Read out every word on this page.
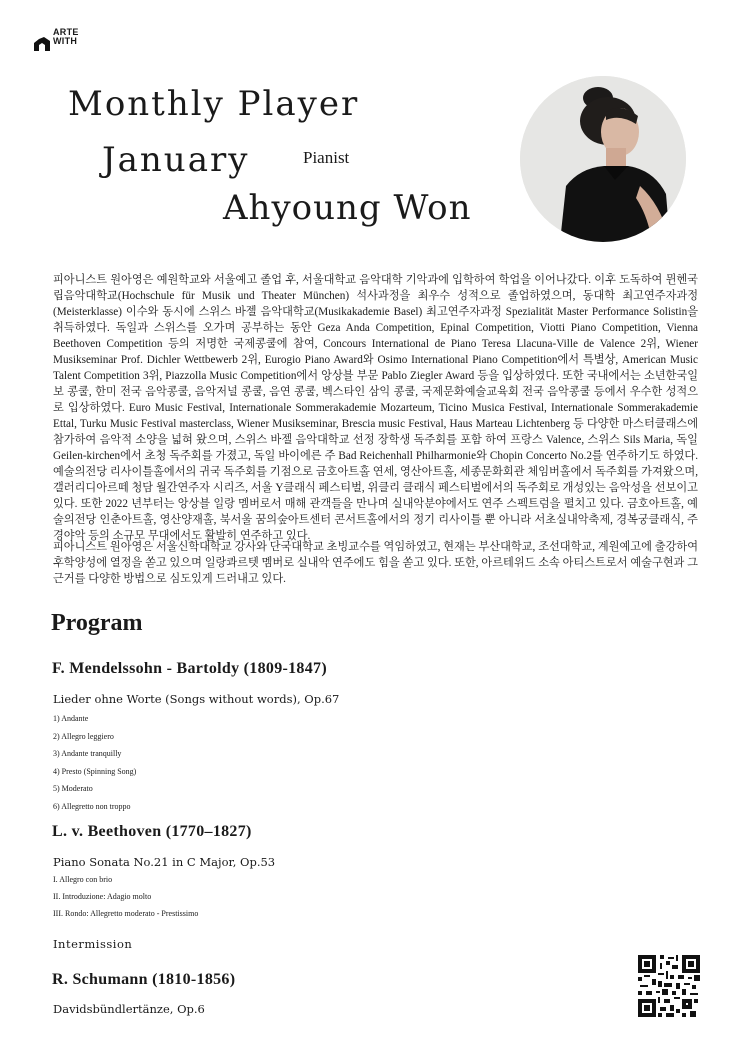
ARTE
WITH
Monthly Player
January	Pianist
Ahyoung Won

피아니스트 원아영은 예원학교와 서울예고 졸업 후, 서울대학교 음악대학 기악과에 입학하여 학업을 이어나갔다. 이후 도독하여 뮌헨국립음악대학교(Hochschule für Musik und Theater München) 석사과정을 최우수 성적으로 졸업하였으며, 동대학 최고연주자과정(Meisterklasse) 이수와 동시에 스위스 바젤 음악대학교(Musikakademie Basel) 최고연주자과정 Spezialität Master Performance Solistin을 취득하였다. 독일과 스위스를 오가며 공부하는 동안 Geza Anda Competition, Epinal Competition, Viotti Piano Competition, Vienna Beethoven Competition 등의 저명한 국제콩쿨에 참여, Concours International de Piano Teresa Llacuna-Ville de Valence 2위, Wiener Musikseminar Prof. Dichler Wettbewerb 2위, Eurogio Piano Award와 Osimo International Piano Competition에서 특별상, American Music Talent Competition 3위, Piazzolla Music Competition에서 앙상블 부문 Pablo Ziegler Award 등을 입상하였다. 또한 국내에서는 소년한국일보 콩쿨, 한미 전국 음악콩쿨, 음악저널 콩쿨, 음연 콩쿨, 벡스타인 삼익 콩쿨, 국제문화예술교육회 전국 음악콩쿨 등에서 우수한 성적으로 입상하였다. Euro Music Festival, Internationale Sommerakademie Mozarteum, Ticino Musica Festival, Internationale Sommerakademie Ettal, Turku Music Festival masterclass, Wiener Musikseminar, Brescia music Festival, Haus Marteau Lichtenberg 등 다양한 마스터클래스에 참가하여 음악적 소양을 넓혀 왔으며, 스위스 바젤 음악대학교 선정 장학생 독주회를 포함 하여 프랑스 Valence, 스위스 Sils Maria, 독일 Geilen-kirchen에서 초청 독주회를 가졌고, 독일 바이에른 주 Bad Reichenhall Philharmonie와 Chopin Concerto No.2를 연주하기도 하였다. 예술의전당 리사이틀홀에서의 귀국 독주회를 기점으로 금호아트홀 연세, 영산아트홀, 세종문화회관 체임버홀에서 독주회를 가져왔으며, 갤러리디아르떼 청담 월간연주자 시리즈, 서울 Y클래식 페스티벌, 위클리 클래식 페스티벌에서의 독주회로 개성있는 음악성을 선보이고 있다. 또한 2022 년부터는 앙상블 일랑 멤버로서 매해 관객들을 만나며 실내악분야에서도 연주 스펙트럼을 펼치고 있다. 금호아트홀, 예술의전당 인춘아트홀, 영산양재홀, 북서울 꿈의숲아트센터 콘서트홀에서의 정기 리사이틀 뿐 아니라 서초실내악축제, 경복궁클래식, 주경야악 등의 소규모 무대에서도 활발히 연주하고 있다.

피아니스트 원아영은 서울신학대학교 강사와 단국대학교 초빙교수를 역임하였고, 현재는 부산대학교, 조선대학교, 계원예고에 출강하여 후학양성에 열정을 쏟고 있으며 일랑콰르텟 멤버로 실내악 연주에도 힘을 쏟고 있다. 또한, 아르테위드 소속 아티스트로서 예술구현과 그 근거를 다양한 방법으로 심도있게 드러내고 있다.

Program
F. Mendelssohn - Bartoldy (1809-1847)
Lieder ohne Worte (Songs without words), Op.67
1) Andante
2) Allegro leggiero
3) Andante tranquilly
4) Presto (Spinning Song)
5) Moderato
6) Allegretto non troppo
L. v. Beethoven (1770–1827)
Piano Sonata No.21 in C Major, Op.53
I. Allegro con brio
II. Introduzione: Adagio molto
III. Rondo: Allegretto moderato - Prestissimo
Intermission
R. Schumann (1810-1856)
Davidsbündlertänze, Op.6
